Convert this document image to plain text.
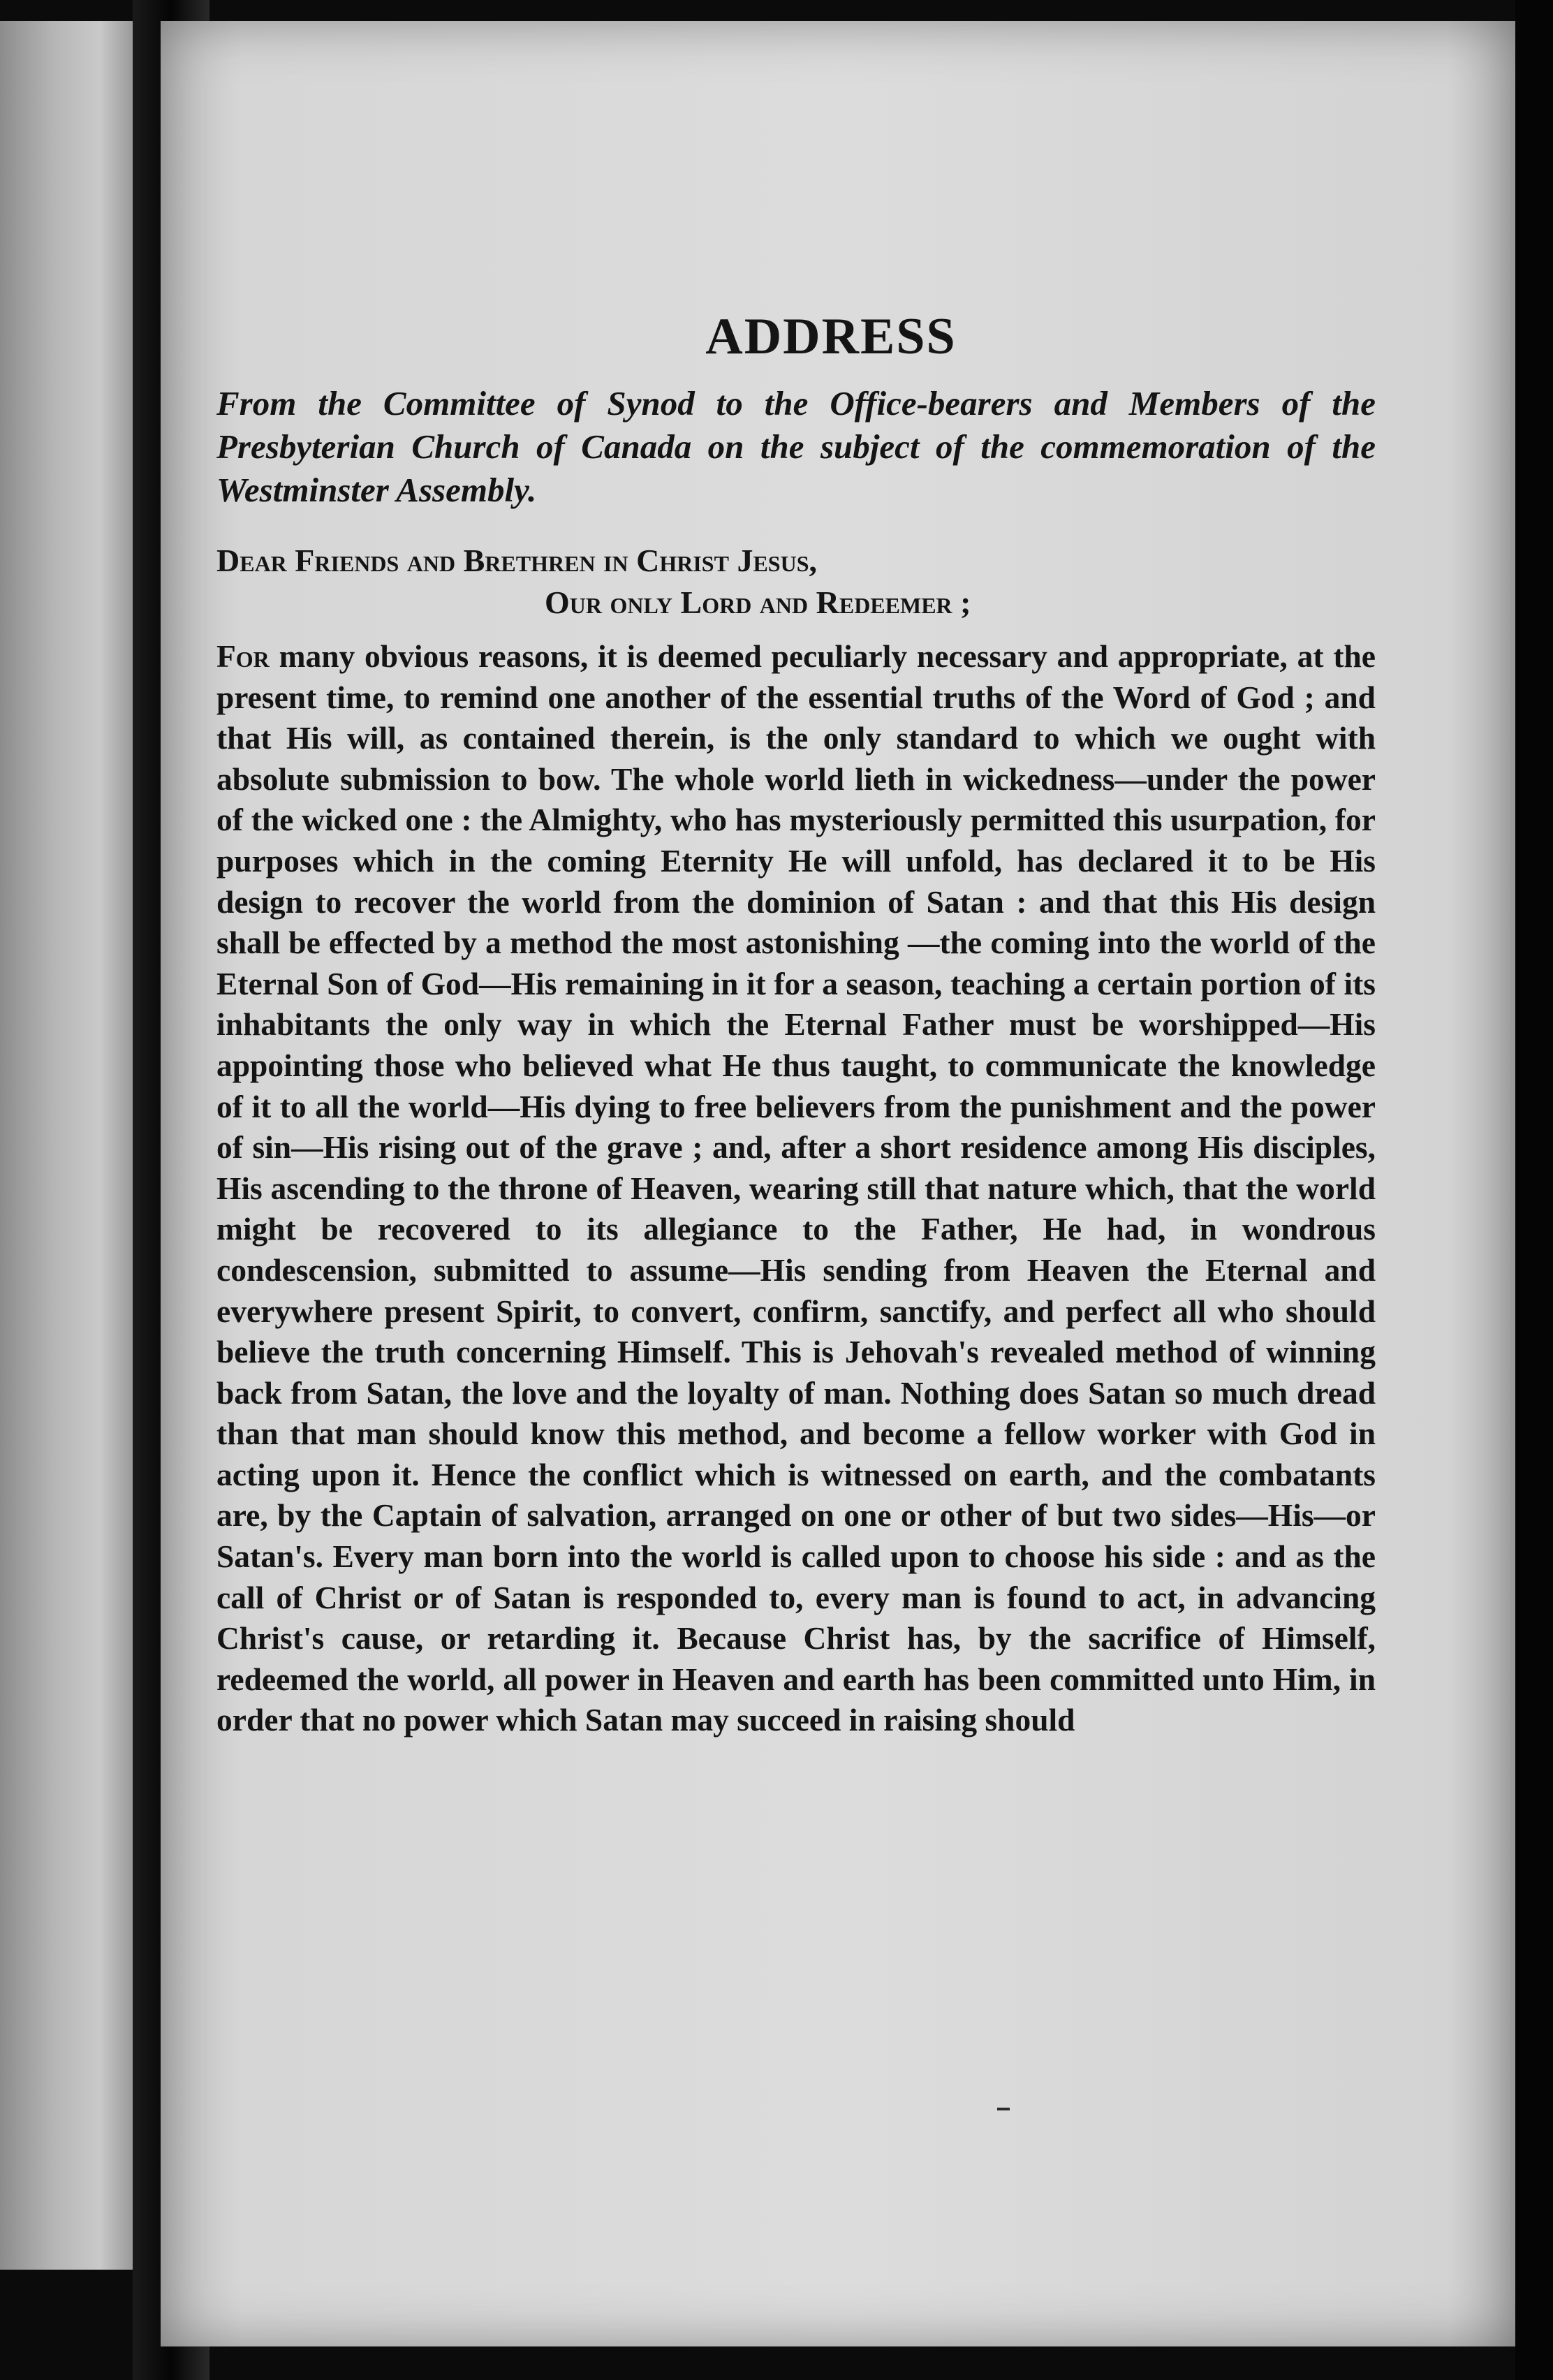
ADDRESS
From the Committee of Synod to the Office-bearers and Members of the Presbyterian Church of Canada on the subject of the commemoration of the Westminster Assembly.
Dear Friends and Brethren in Christ Jesus,
Our only Lord and Redeemer ;

For many obvious reasons, it is deemed peculiarly necessary and appropriate, at the present time, to remind one another of the essential truths of the Word of God ; and that His will, as contained therein, is the only standard to which we ought with absolute submission to bow. The whole world lieth in wickedness—under the power of the wicked one : the Almighty, who has mysteriously permitted this usurpation, for purposes which in the coming Eternity He will unfold, has declared it to be His design to recover the world from the dominion of Satan : and that this His design shall be effected by a method the most astonishing —the coming into the world of the Eternal Son of God—His remaining in it for a season, teaching a certain portion of its inhabitants the only way in which the Eternal Father must be worshipped—His appointing those who believed what He thus taught, to communicate the knowledge of it to all the world—His dying to free believers from the punishment and the power of sin—His rising out of the grave ; and, after a short residence among His disciples, His ascending to the throne of Heaven, wearing still that nature which, that the world might be recovered to its allegiance to the Father, He had, in wondrous condescension, submitted to assume—His sending from Heaven the Eternal and everywhere present Spirit, to convert, confirm, sanctify, and perfect all who should believe the truth concerning Himself. This is Jehovah's revealed method of winning back from Satan, the love and the loyalty of man. Nothing does Satan so much dread than that man should know this method, and become a fellow worker with God in acting upon it. Hence the conflict which is witnessed on earth, and the combatants are, by the Captain of salvation, arranged on one or other of but two sides—His—or Satan's. Every man born into the world is called upon to choose his side : and as the call of Christ or of Satan is responded to, every man is found to act, in advancing Christ's cause, or retarding it. Because Christ has, by the sacrifice of Himself, redeemed the world, all power in Heaven and earth has been committed unto Him, in order that no power which Satan may succeed in raising should
